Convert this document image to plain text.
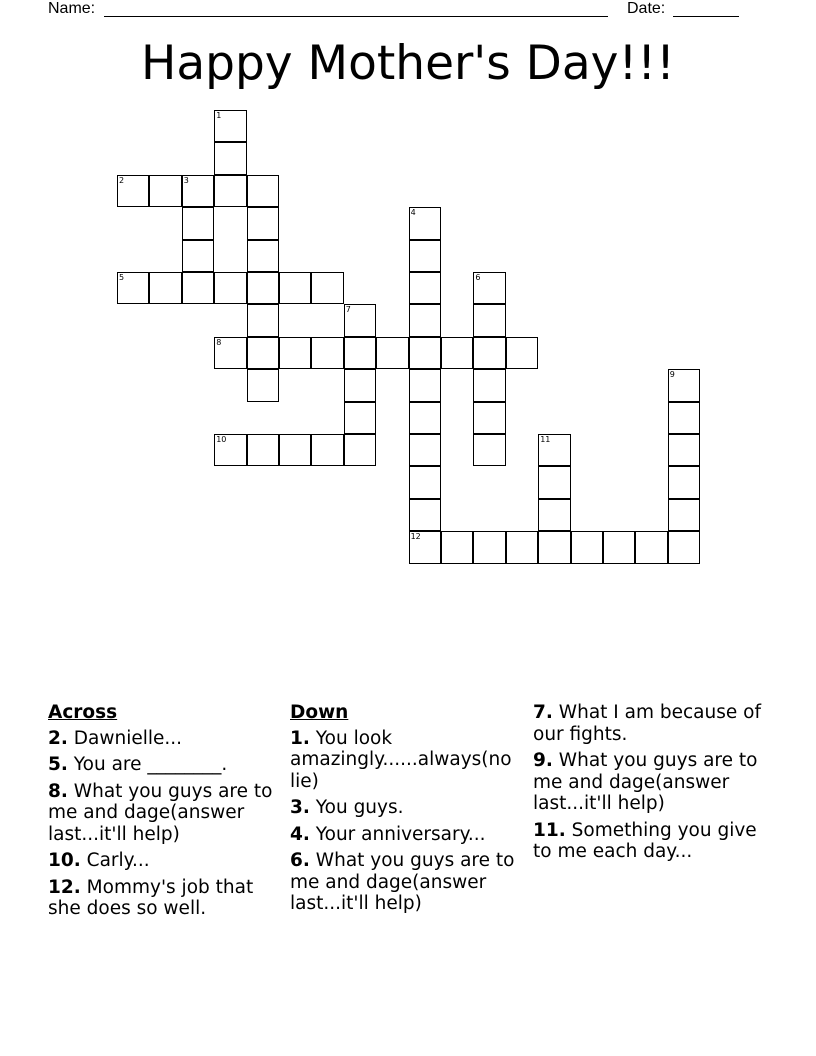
Name:	Date:
Happy Mother's Day!!!
1
2	3
4
5	6
7
8
9
10	11
12
Across
2. Dawnielle...
5. You are ________.
8. What you guys are to me and dage(answer last...it'll help)
10. Carly...
12. Mommy's job that she does so well.
Down
1. You look amazingly......always(no lie)
3. You guys.
4. Your anniversary...
6. What you guys are to me and dage(answer last...it'll help)
7. What I am because of our fights.
9. What you guys are to me and dage(answer last...it'll help)
11. Something you give to me each day...
